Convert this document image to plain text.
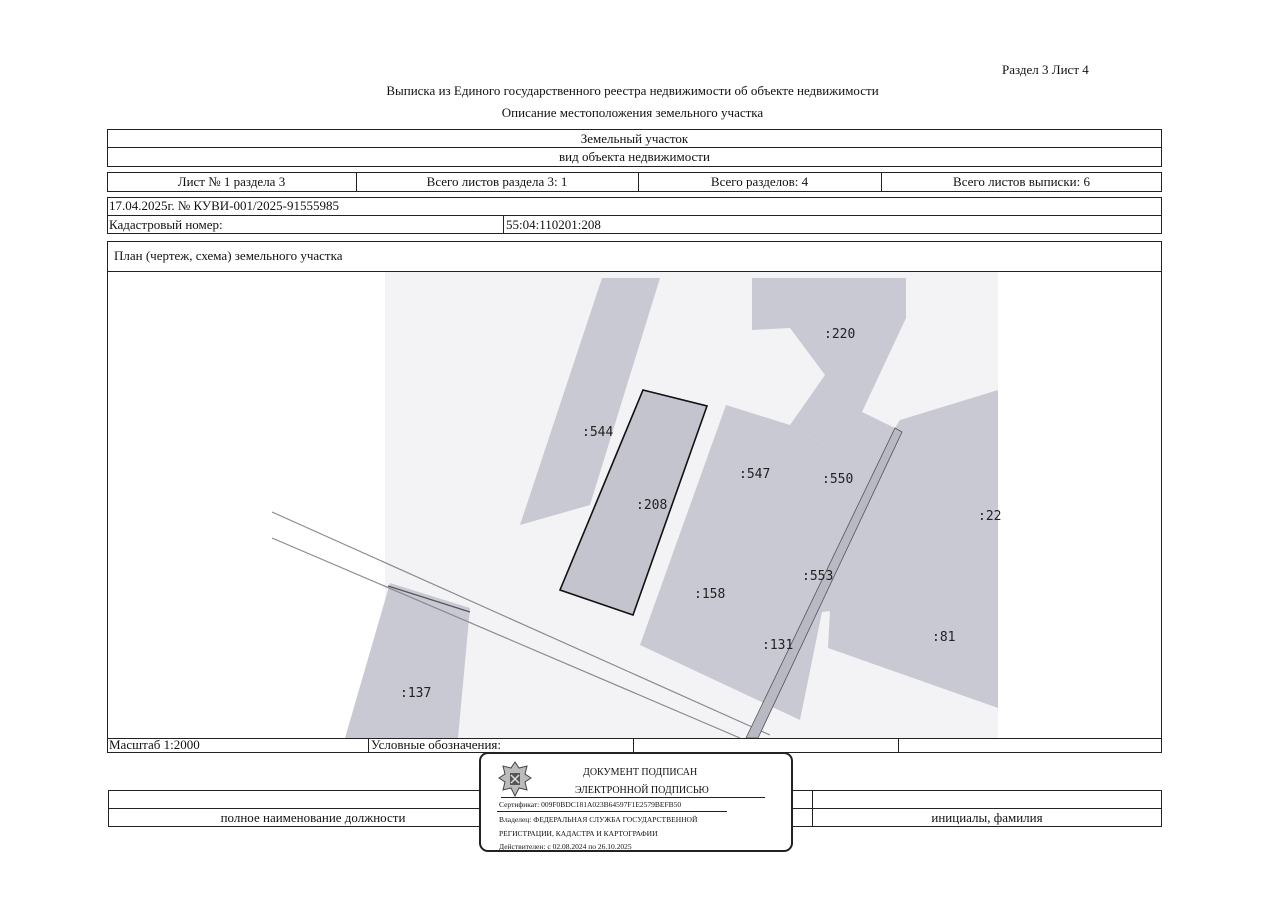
Раздел 3 Лист 4
Выписка из Единого государственного реестра недвижимости об объекте недвижимости
Описание местоположения земельного участка
Земельный участок
вид объекта недвижимости
Лист № 1 раздела 3	Всего листов раздела 3: 1	Всего разделов: 4	Всего листов выписки: 6
17.04.2025г. № КУВИ-001/2025-91555985
Кадастровый номер:	55:04:110201:208
План (чертеж, схема) земельного участка
:220
:544
:547	:550
:208
:22
:553
:158
:131
:81
:137
Масштаб 1:2000	Условные обозначения:
полное наименование должности	инициалы, фамилия
ДОКУМЕНТ ПОДПИСАН
ЭЛЕКТРОННОЙ ПОДПИСЬЮ
Сертификат: 009F0BDC181A023B64597F1E2579BEFB50
Владелец: ФЕДЕРАЛЬНАЯ СЛУЖБА ГОСУДАРСТВЕННОЙ
РЕГИСТРАЦИИ, КАДАСТРА И КАРТОГРАФИИ
Действителен: с 02.08.2024 по 26.10.2025
